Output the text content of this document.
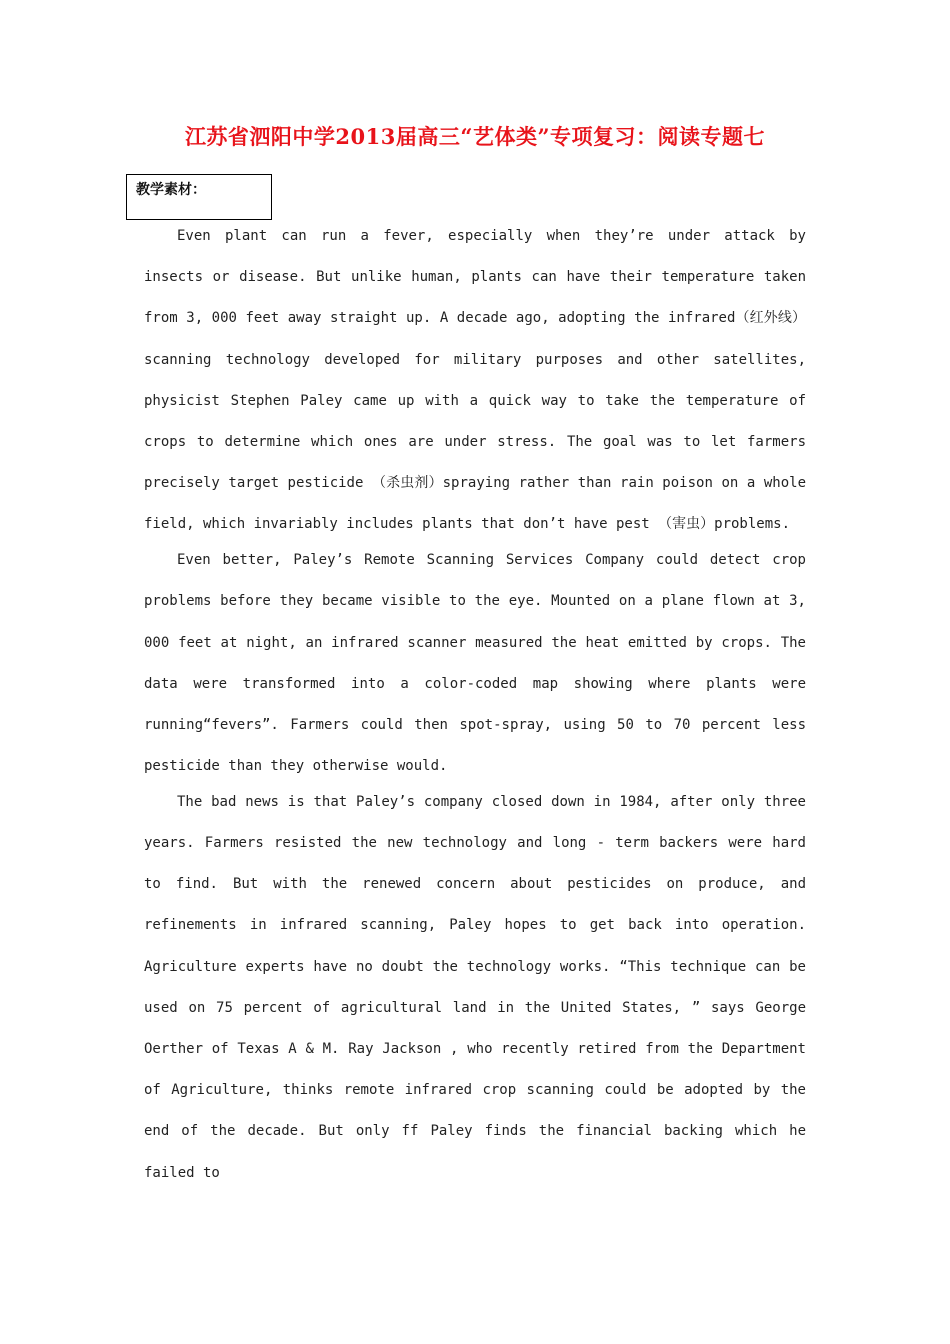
江苏省泗阳中学2013届高三“艺体类”专项复习：阅读专题七
教学素材：

Even plant can run a fever, especially when they’re under attack by insects or disease. But unlike human, plants can have their temperature taken from 3, 000 feet away straight up. A decade ago, adopting the infrared（红外线）scanning technology developed for military purposes and other satellites, physicist Stephen Paley came up with a quick way to take the temperature of crops to determine which ones are under stress. The goal was to let farmers precisely target pesticide （杀虫剂）spraying rather than rain poison on a whole field, which invariably includes plants that don’t have pest （害虫）problems.

Even better, Paley’s Remote Scanning Services Company could detect crop problems before they became visible to the eye. Mounted on a plane flown at 3, 000 feet at night, an infrared scanner measured the heat emitted by crops. The data were transformed into a color-coded map showing where plants were running“fevers”. Farmers could then spot-spray, using 50 to 70 percent less pesticide than they otherwise would.

The bad news is that Paley’s company closed down in 1984, after only three years. Farmers resisted the new technology and long - term backers were hard to find. But with the renewed concern about pesticides on produce, and refinements in infrared scanning, Paley hopes to get back into operation. Agriculture experts have no doubt the technology works. “This technique can be used on 75 percent of agricultural land in the United States, ” says George Oerther of Texas A & M. Ray Jackson , who recently retired from the Department of Agriculture, thinks remote infrared crop scanning could be adopted by the end of the decade. But only ff Paley finds the financial backing which he failed to
